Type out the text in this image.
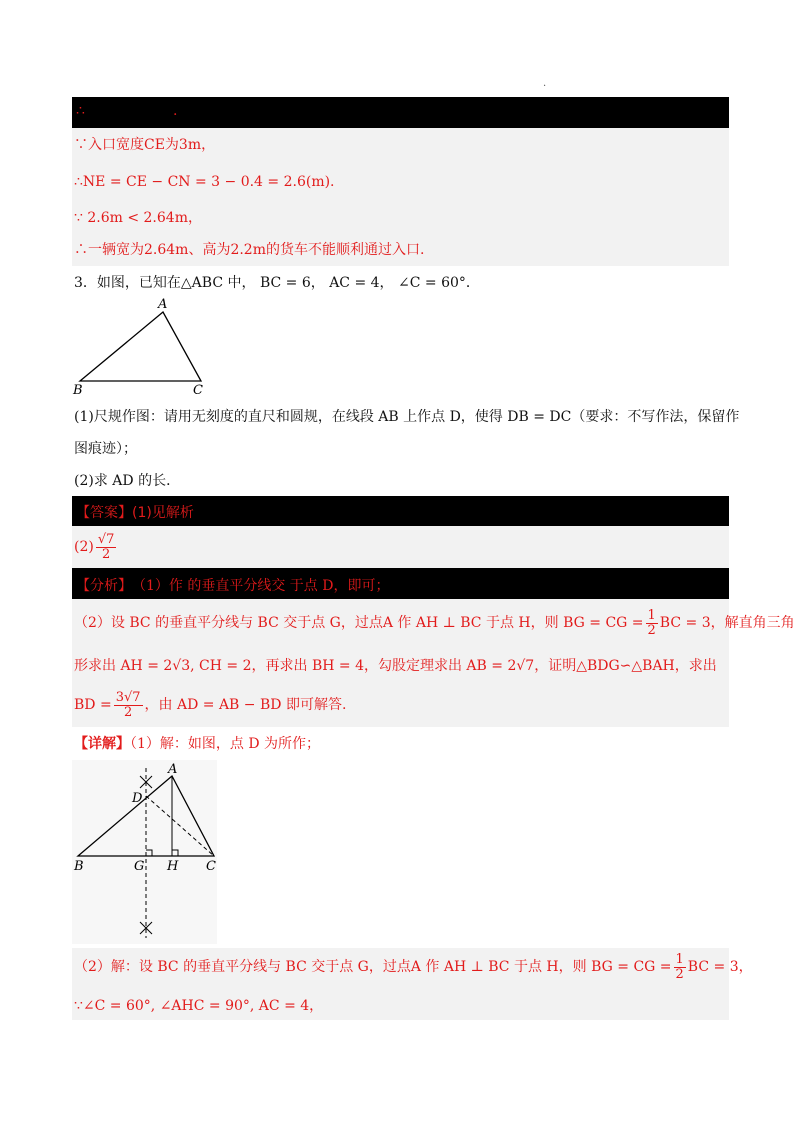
.
∴	.
∵入口宽度CE为3m，
∴NE = CE − CN = 3 − 0.4 = 2.6(m).
∵ 2.6m < 2.64m，
∴一辆宽为2.64m、高为2.2m的货车不能顺利通过入口.
3．如图，已知在△ABC 中， BC = 6， AC = 4， ∠C = 60°．
A
B	C
(1)尺规作图：请用无刻度的直尺和圆规，在线段 AB 上作点 D，使得 DB = DC（要求：不写作法，保留作
图痕迹）；
(2)求 AD 的长．
【答案】(1)见解析
$(2) \frac{√7}{2}$
【分析】 （1）作 的垂直平分线交 于点 D，即可；
（2）设 BC 的垂直平分线与 BC 交于点 G，过点A 作 AH ⊥ BC 于点 H，则 BG = CG = $\frac{1}{2}$ BC = 3，解直角三角
形求出 AH = 2√3, CH = 2，再求出 BH = 4，勾股定理求出 AB = 2√7，证明△BDG∽△BAH，求出
BD = $\frac{3√7}{2}$ ，由 AD = AB − BD 即可解答.
【详解】（1）解：如图，点 D 为所作；
A
D
B	G H C
（2）解：设 BC 的垂直平分线与 BC 交于点 G，过点A 作 AH ⊥ BC 于点 H，则 BG = CG = $\frac{1}{2}$ BC = 3，
∵∠C = 60°, ∠AHC = 90°, AC = 4，
